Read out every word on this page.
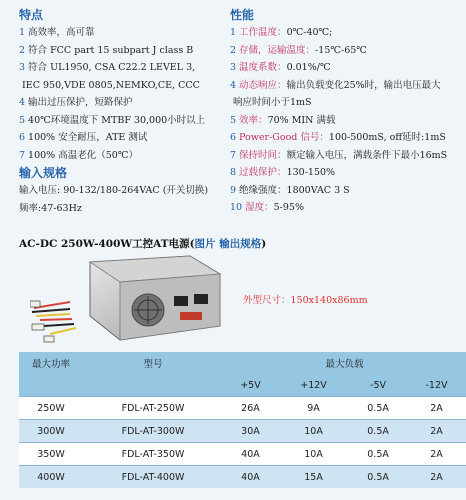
特点
1 高效率，高可靠
2 符合 FCC part 15 subpart J class B
3 符合 UL1950, CSA C22.2 LEVEL 3,
IEC 950,VDE 0805,NEMKO,CE, CCC
4 输出过压保护，短路保护
5 40℃环境温度下 MTBF 30,000小时以上
6 100% 安全耐压，ATE 测试
7 100% 高温老化（50℃）
输入规格
输入电压: 90-132/180-264VAC (开关切换)
频率:47-63Hz
性能
1 工作温度：0℃-40℃;
2 存储，运输温度：-15℃-65℃
3 温度系数：0.01%/℃
4 动态响应：输出负载变化25%时，输出电压最大
响应时间小于1mS
5 效率：70% MIN 满载
6 Power-Good 信号：100-500mS, off延时:1mS
7 保持时间：额定输入电压，满载条件下最小16mS
8 过载保护：130-150%
9 绝缘强度：1800VAC 3 S
10 湿度：5-95%
AC-DC 250W-400W工控AT电源(图片 输出规格)
外型尺寸：150x140x86mm
最大功率	型号	最大负载			
		+5V	+12V	-5V	-12V

250W	FDL-AT-250W	26A	9A	0.5A	2A

300W	FDL-AT-300W	30A	10A	0.5A	2A

350W	FDL-AT-350W	40A	10A	0.5A	2A

400W	FDL-AT-400W	40A	15A	0.5A	2A
